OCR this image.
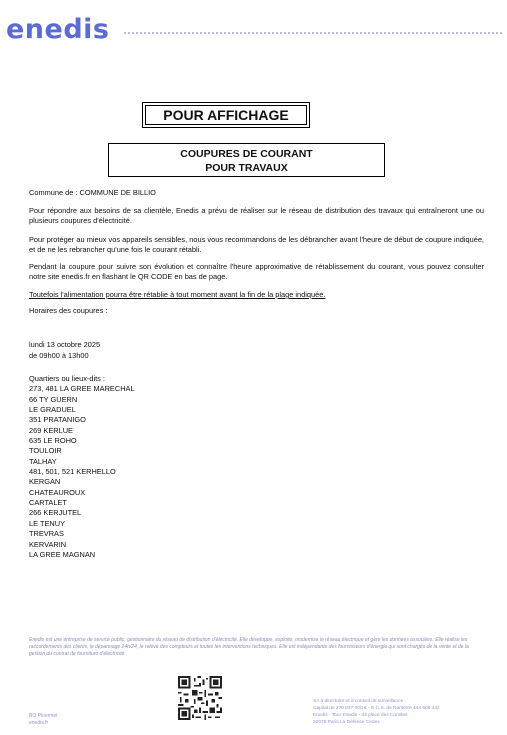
enedis
POUR AFFICHAGE
COUPURES DE COURANT
POUR TRAVAUX
Commune de : COMMUNE DE BILLIO
Pour répondre aux besoins de sa clientèle, Enedis a prévu de réaliser sur le réseau de distribution des travaux qui entraîneront une ou plusieurs coupures d'électricité.
Pour protéger au mieux vos appareils sensibles, nous vous recommandons de les débrancher avant l'heure de début de coupure indiquée, et de ne les rebrancher qu'une fois le courant rétabli.
Pendant la coupure pour suivre son évolution et connaître l'heure approximative de rétablissement du courant, vous pouvez consulter notre site enedis.fr en flashant le QR CODE en bas de page.
Toutefois l'alimentation pourra être rétablie à tout moment avant la fin de la plage indiquée.
Horaires des coupures :
lundi 13 octobre 2025
de 09h00 à 13h00
Quartiers ou lieux-dits :
273, 481 LA GREE MARECHAL
66 TY GUERN
LE GRADUEL
351 PRATANIGO
269 KERLUE
635 LE ROHO
TOULOIR
TALHAY
481, 501, 521 KERHELLO
KERGAN
CHATEAUROUX
CARTALET
266 KERJUTEL
LE TENUY
TREVRAS
KERVARIN
LA GREE MAGNAN
Enedis est une entreprise de service public, gestionnaire du réseau de distribution d'électricité. Elle développe, exploite, modernise le réseau électrique et gère les données associées. Elle réalise les raccordements des clients, le dépannage 24h/24, le relevé des compteurs et toutes les interventions techniques. Elle est indépendante des fournisseurs d'énergie qui sont chargés de la vente et de la gestion du contrat de fourniture d'électricité.
BO Ploermel
enedis.fr
SA à directoire et à conseil de surveillance
Capital de 270 037 000 € - R.C.S. de Nanterre 444 608 442
Enedis - Tour Enedis - 34 place des Corolles
92079 Paris La Défense Cedex
